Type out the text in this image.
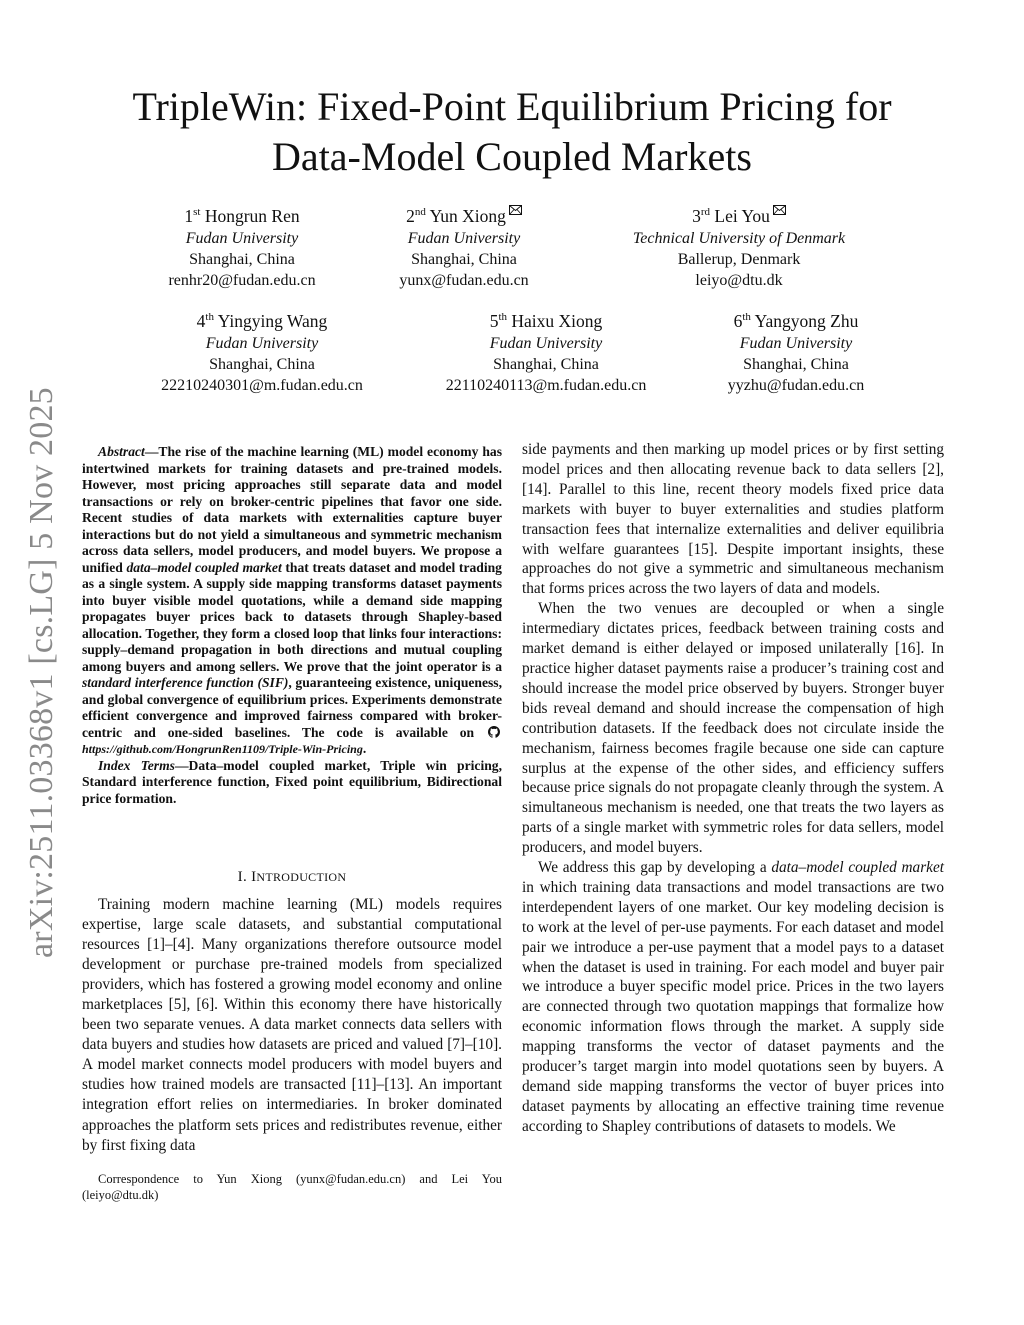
TripleWin: Fixed-Point Equilibrium Pricing for
Data-Model Coupled Markets
1st Hongrun Ren
Fudan University
Shanghai, China
renhr20@fudan.edu.cn
2nd Yun Xiong
Fudan University
Shanghai, China
yunx@fudan.edu.cn
3rd Lei You
Technical University of Denmark
Ballerup, Denmark
leiyo@dtu.dk
4th Yingying Wang
Fudan University
Shanghai, China
22210240301@m.fudan.edu.cn
5th Haixu Xiong
Fudan University
Shanghai, China
22110240113@m.fudan.edu.cn
6th Yangyong Zhu
Fudan University
Shanghai, China
yyzhu@fudan.edu.cn
arXiv:2511.03368v1 [cs.LG] 5 Nov 2025	Abstract—The rise of the machine learning (ML) model economy has intertwined markets for training datasets and pre-trained models. However, most pricing approaches still separate data and model transactions or rely on broker-centric pipelines that favor one side. Recent studies of data markets with externalities capture buyer interactions but do not yield a simultaneous and symmetric mechanism across data sellers, model producers, and model buyers. We propose a unified data–model coupled market that treats dataset and model trading as a single system. A supply side mapping transforms dataset payments into buyer visible model quotations, while a demand side mapping propagates buyer prices back to datasets through Shapley-based allocation. Together, they form a closed loop that links four interactions: supply–demand propagation in both directions and mutual coupling among buyers and among sellers. We prove that the joint operator is a standard interference function (SIF), guaranteeing existence, uniqueness, and global convergence of equilibrium prices. Experiments demonstrate efficient convergence and improved fairness compared with broker-centric and one-sided baselines. The code is available on https://github.com/HongrunRen1109/Triple-Win-Pricing.

Index Terms—Data–model coupled market, Triple win pricing, Standard interference function, Fixed point equilibrium, Bidirectional price formation.

I. INTRODUCTION

Training modern machine learning (ML) models requires expertise, large scale datasets, and substantial computational resources [1]–[4]. Many organizations therefore outsource model development or purchase pre-trained models from specialized providers, which has fostered a growing model economy and online marketplaces [5], [6]. Within this economy there have historically been two separate venues. A data market connects data sellers with data buyers and studies how datasets are priced and valued [7]–[10]. A model market connects model producers with model buyers and studies how trained models are transacted [11]–[13]. An important integration effort relies on intermediaries. In broker dominated approaches the platform sets prices and redistributes revenue, either by first fixing data

Correspondence to Yun Xiong (yunx@fudan.edu.cn) and Lei You (leiyo@dtu.dk)

side payments and then marking up model prices or by first setting model prices and then allocating revenue back to data sellers [2], [14]. Parallel to this line, recent theory models fixed price data markets with buyer to buyer externalities and studies platform transaction fees that internalize externalities and deliver equilibria with welfare guarantees [15]. Despite important insights, these approaches do not give a symmetric and simultaneous mechanism that forms prices across the two layers of data and models.

When the two venues are decoupled or when a single intermediary dictates prices, feedback between training costs and market demand is either delayed or imposed unilaterally [16]. In practice higher dataset payments raise a producer’s training cost and should increase the model price observed by buyers. Stronger buyer bids reveal demand and should increase the compensation of high contribution datasets. If the feedback does not circulate inside the mechanism, fairness becomes fragile because one side can capture surplus at the expense of the other sides, and efficiency suffers because price signals do not propagate cleanly through the system. A simultaneous mechanism is needed, one that treats the two layers as parts of a single market with symmetric roles for data sellers, model producers, and model buyers.

We address this gap by developing a data–model coupled market in which training data transactions and model transactions are two interdependent layers of one market. Our key modeling decision is to work at the level of per-use payments. For each dataset and model pair we introduce a per-use payment that a model pays to a dataset when the dataset is used in training. For each model and buyer pair we introduce a buyer specific model price. Prices in the two layers are connected through two quotation mappings that formalize how economic information flows through the market. A supply side mapping transforms the vector of dataset payments and the producer’s target margin into model quotations seen by buyers. A demand side mapping transforms the vector of buyer prices into dataset payments by allocating an effective training time revenue according to Shapley contributions of datasets to models. We
